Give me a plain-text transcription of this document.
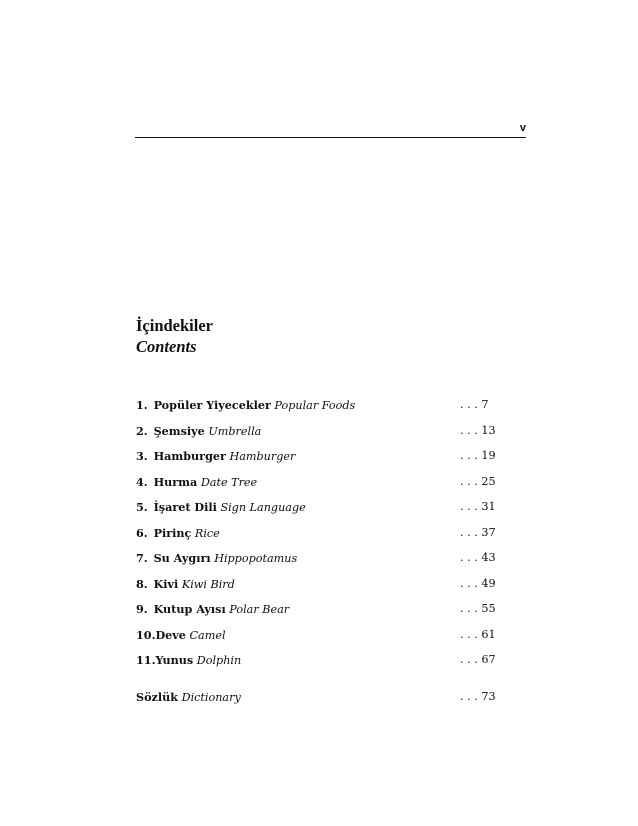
v
İçindekiler
Contents
1. Popüler Yiyecekler Popular Foods	. . . 7
2. Şemsiye Umbrella	. . . 13
3. Hamburger Hamburger	. . . 19
4. Hurma Date Tree	. . . 25
5. İşaret Dili Sign Language	. . . 31
6. Pirinç Rice	. . . 37
7. Su Aygırı Hippopotamus	. . . 43
8. Kivi Kiwi Bird	. . . 49
9. Kutup Ayısı Polar Bear	. . . 55
10.Deve Camel	. . . 61
11.Yunus Dolphin	. . . 67
Sözlük Dictionary	. . . 73
